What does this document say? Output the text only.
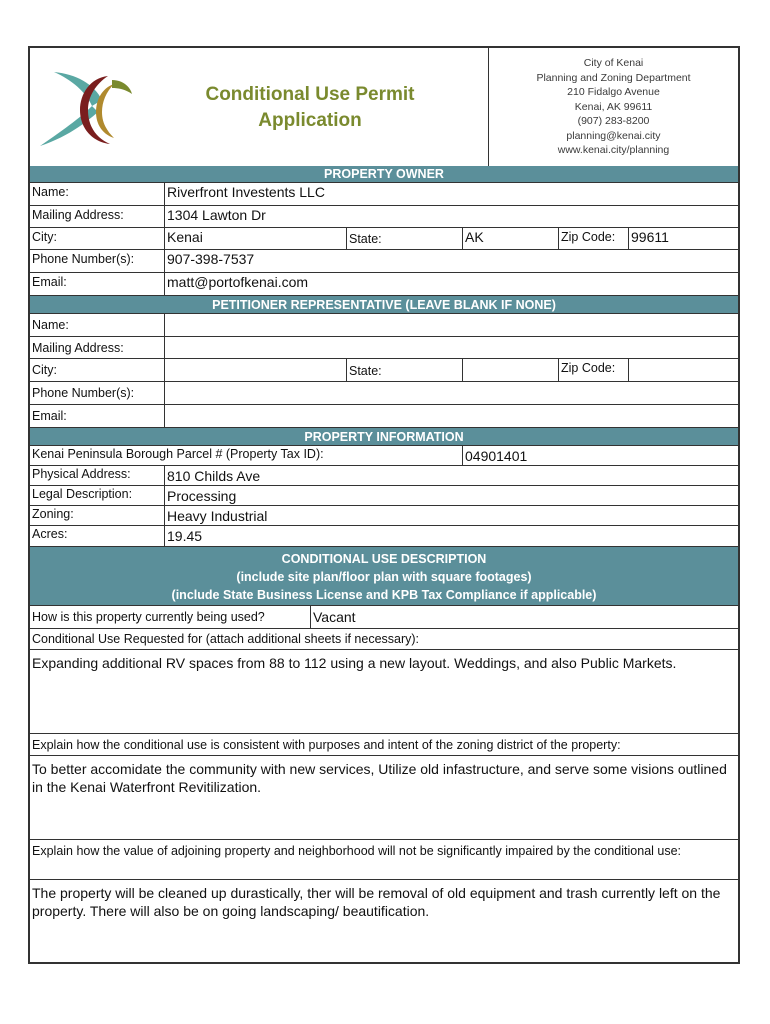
Conditional Use Permit
Application
City of Kenai
Planning and Zoning Department
210 Fidalgo Avenue
Kenai, AK 99611
(907) 283-8200
planning@kenai.city
www.kenai.city/planning
PROPERTY OWNER
Name:	Riverfront Investents LLC
Mailing Address:	1304 Lawton Dr
City:	Kenai	State:	AK	Zip Code:	99611
Phone Number(s):	907-398-7537
Email:	matt@portofkenai.com
PETITIONER REPRESENTATIVE (LEAVE BLANK IF NONE)
Name:
Mailing Address:
City:	State:	Zip Code:
Phone Number(s):
Email:
PROPERTY INFORMATION
Kenai Peninsula Borough Parcel # (Property Tax ID):	04901401
Physical Address:	810 Childs Ave
Legal Description:	Processing
Zoning:	Heavy Industrial
Acres:	19.45
CONDITIONAL USE DESCRIPTION
(include site plan/floor plan with square footages)
(include State Business License and KPB Tax Compliance if applicable)
How is this property currently being used?	Vacant
Conditional Use Requested for (attach additional sheets if necessary):
Expanding additional RV spaces from 88 to 112 using a new layout. Weddings, and also Public Markets.
Explain how the conditional use is consistent with purposes and intent of the zoning district of the property:
To better accomidate the community with new services, Utilize old infastructure, and serve some visions outlined in the Kenai Waterfront Revitilization.
Explain how the value of adjoining property and neighborhood will not be significantly impaired by the conditional use:
The property will be cleaned up durastically, ther will be removal of old equipment and trash currently left on the property. There will also be on going landscaping/ beautification.
